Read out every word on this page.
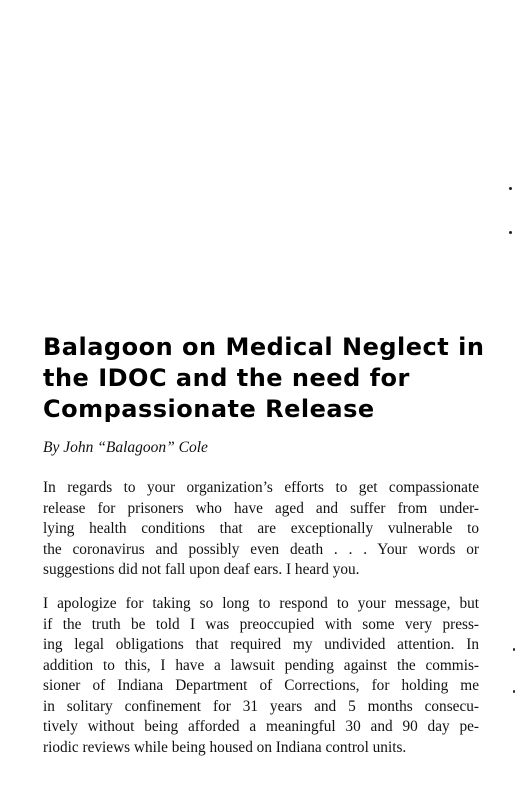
Balagoon on Medical Neglect in
the IDOC and the need for
Compassionate Release

By John “Balagoon” Cole

In regards to your organization’s efforts to get compassionate
release for prisoners who have aged and suffer from under-
lying health conditions that are exceptionally vulnerable to
the coronavirus and possibly even death . . . Your words or
suggestions did not fall upon deaf ears. I heard you.

I apologize for taking so long to respond to your message, but
if the truth be told I was preoccupied with some very press-
ing legal obligations that required my undivided attention. In
addition to this, I have a lawsuit pending against the commis-
sioner of Indiana Department of Corrections, for holding me
in solitary confinement for 31 years and 5 months consecu-
tively without being afforded a meaningful 30 and 90 day pe-
riodic reviews while being housed on Indiana control units.
